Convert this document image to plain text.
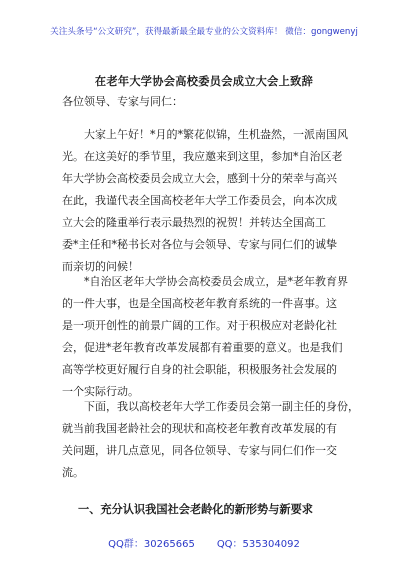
关注头条号“公文研究”，获得最新最全最专业的公文资料库！ 微信：gongwenyj
在老年大学协会高校委员会成立大会上致辞

各位领导、专家与同仁：

　　大家上午好！*月的*繁花似锦，生机盎然，一派南国风

光。在这美好的季节里，我应邀来到这里，参加*自治区老

年大学协会高校委员会成立大会，感到十分的荣幸与高兴

在此，我谨代表全国高校老年大学工作委员会，向本次成

立大会的隆重举行表示最热烈的祝贺！并转达全国高工

委*主任和*秘书长对各位与会领导、专家与同仁们的诚挚

而亲切的问候！

　　*自治区老年大学协会高校委员会成立，是*老年教育界

的一件大事，也是全国高校老年教育系统的一件喜事。这

是一项开创性的前景广阔的工作。对于积极应对老龄化社

会，促进*老年教育改革发展都有着重要的意义。也是我们

高等学校更好履行自身的社会职能，积极服务社会发展的

一个实际行动。

　　下面，我以高校老年大学工作委员会第一副主任的身份，

就当前我国老龄社会的现状和高校老年教育改革发展的有

关问题，讲几点意见，同各位领导、专家与同仁们作一交

流。

一、充分认识我国社会老龄化的新形势与新要求
QQ群：30265665 QQ：535304092
